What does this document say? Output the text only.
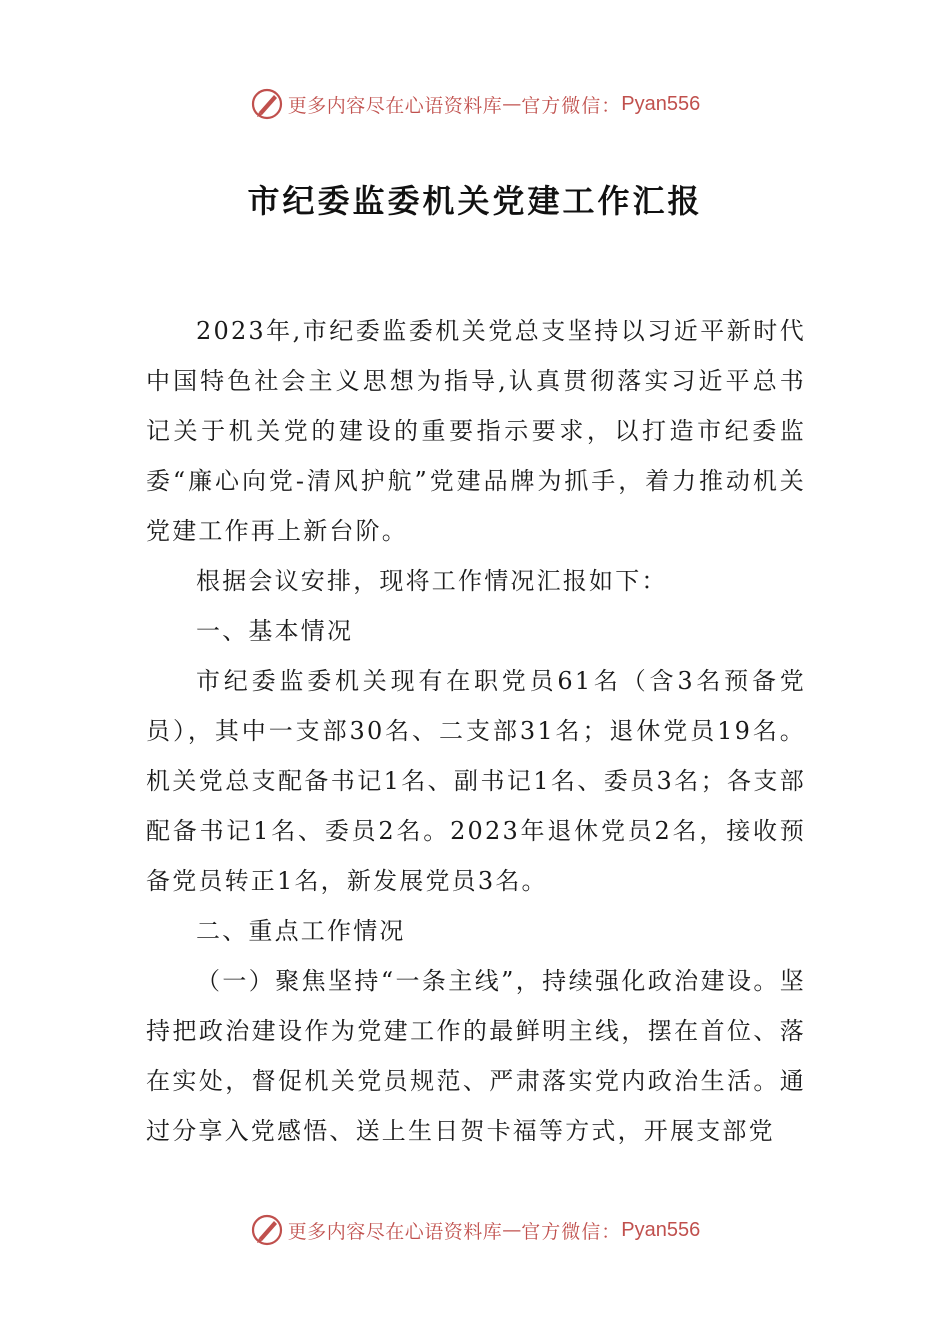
更多内容尽在心语资料库 — 官方微信： Pyan556
市纪委监委机关党建工作汇报

2023年,市纪委监委机关党总支坚持以习近平新时代中国特色社会主义思想为指导,认真贯彻落实习近平总书记关于机关党的建设的重要指示要求，以打造市纪委监委“廉心向党-清风护航”党建品牌为抓手，着力推动机关党建工作再上新台阶。

根据会议安排，现将工作情况汇报如下：

一、基本情况

市纪委监委机关现有在职党员61名（含3名预备党员），其中一支部30名、二支部31名；退休党员19名。机关党总支配备书记1名、副书记1名、委员3名；各支部配备书记1名、委员2名。2023年退休党员2名，接收预备党员转正1名，新发展党员3名。

二、重点工作情况

（一）聚焦坚持“一条主线”，持续强化政治建设。坚持把政治建设作为党建工作的最鲜明主线，摆在首位、落在实处，督促机关党员规范、严肃落实党内政治生活。通过分享入党感悟、送上生日贺卡福等方式，开展支部党

更多内容尽在心语资料库 — 官方微信： Pyan556
